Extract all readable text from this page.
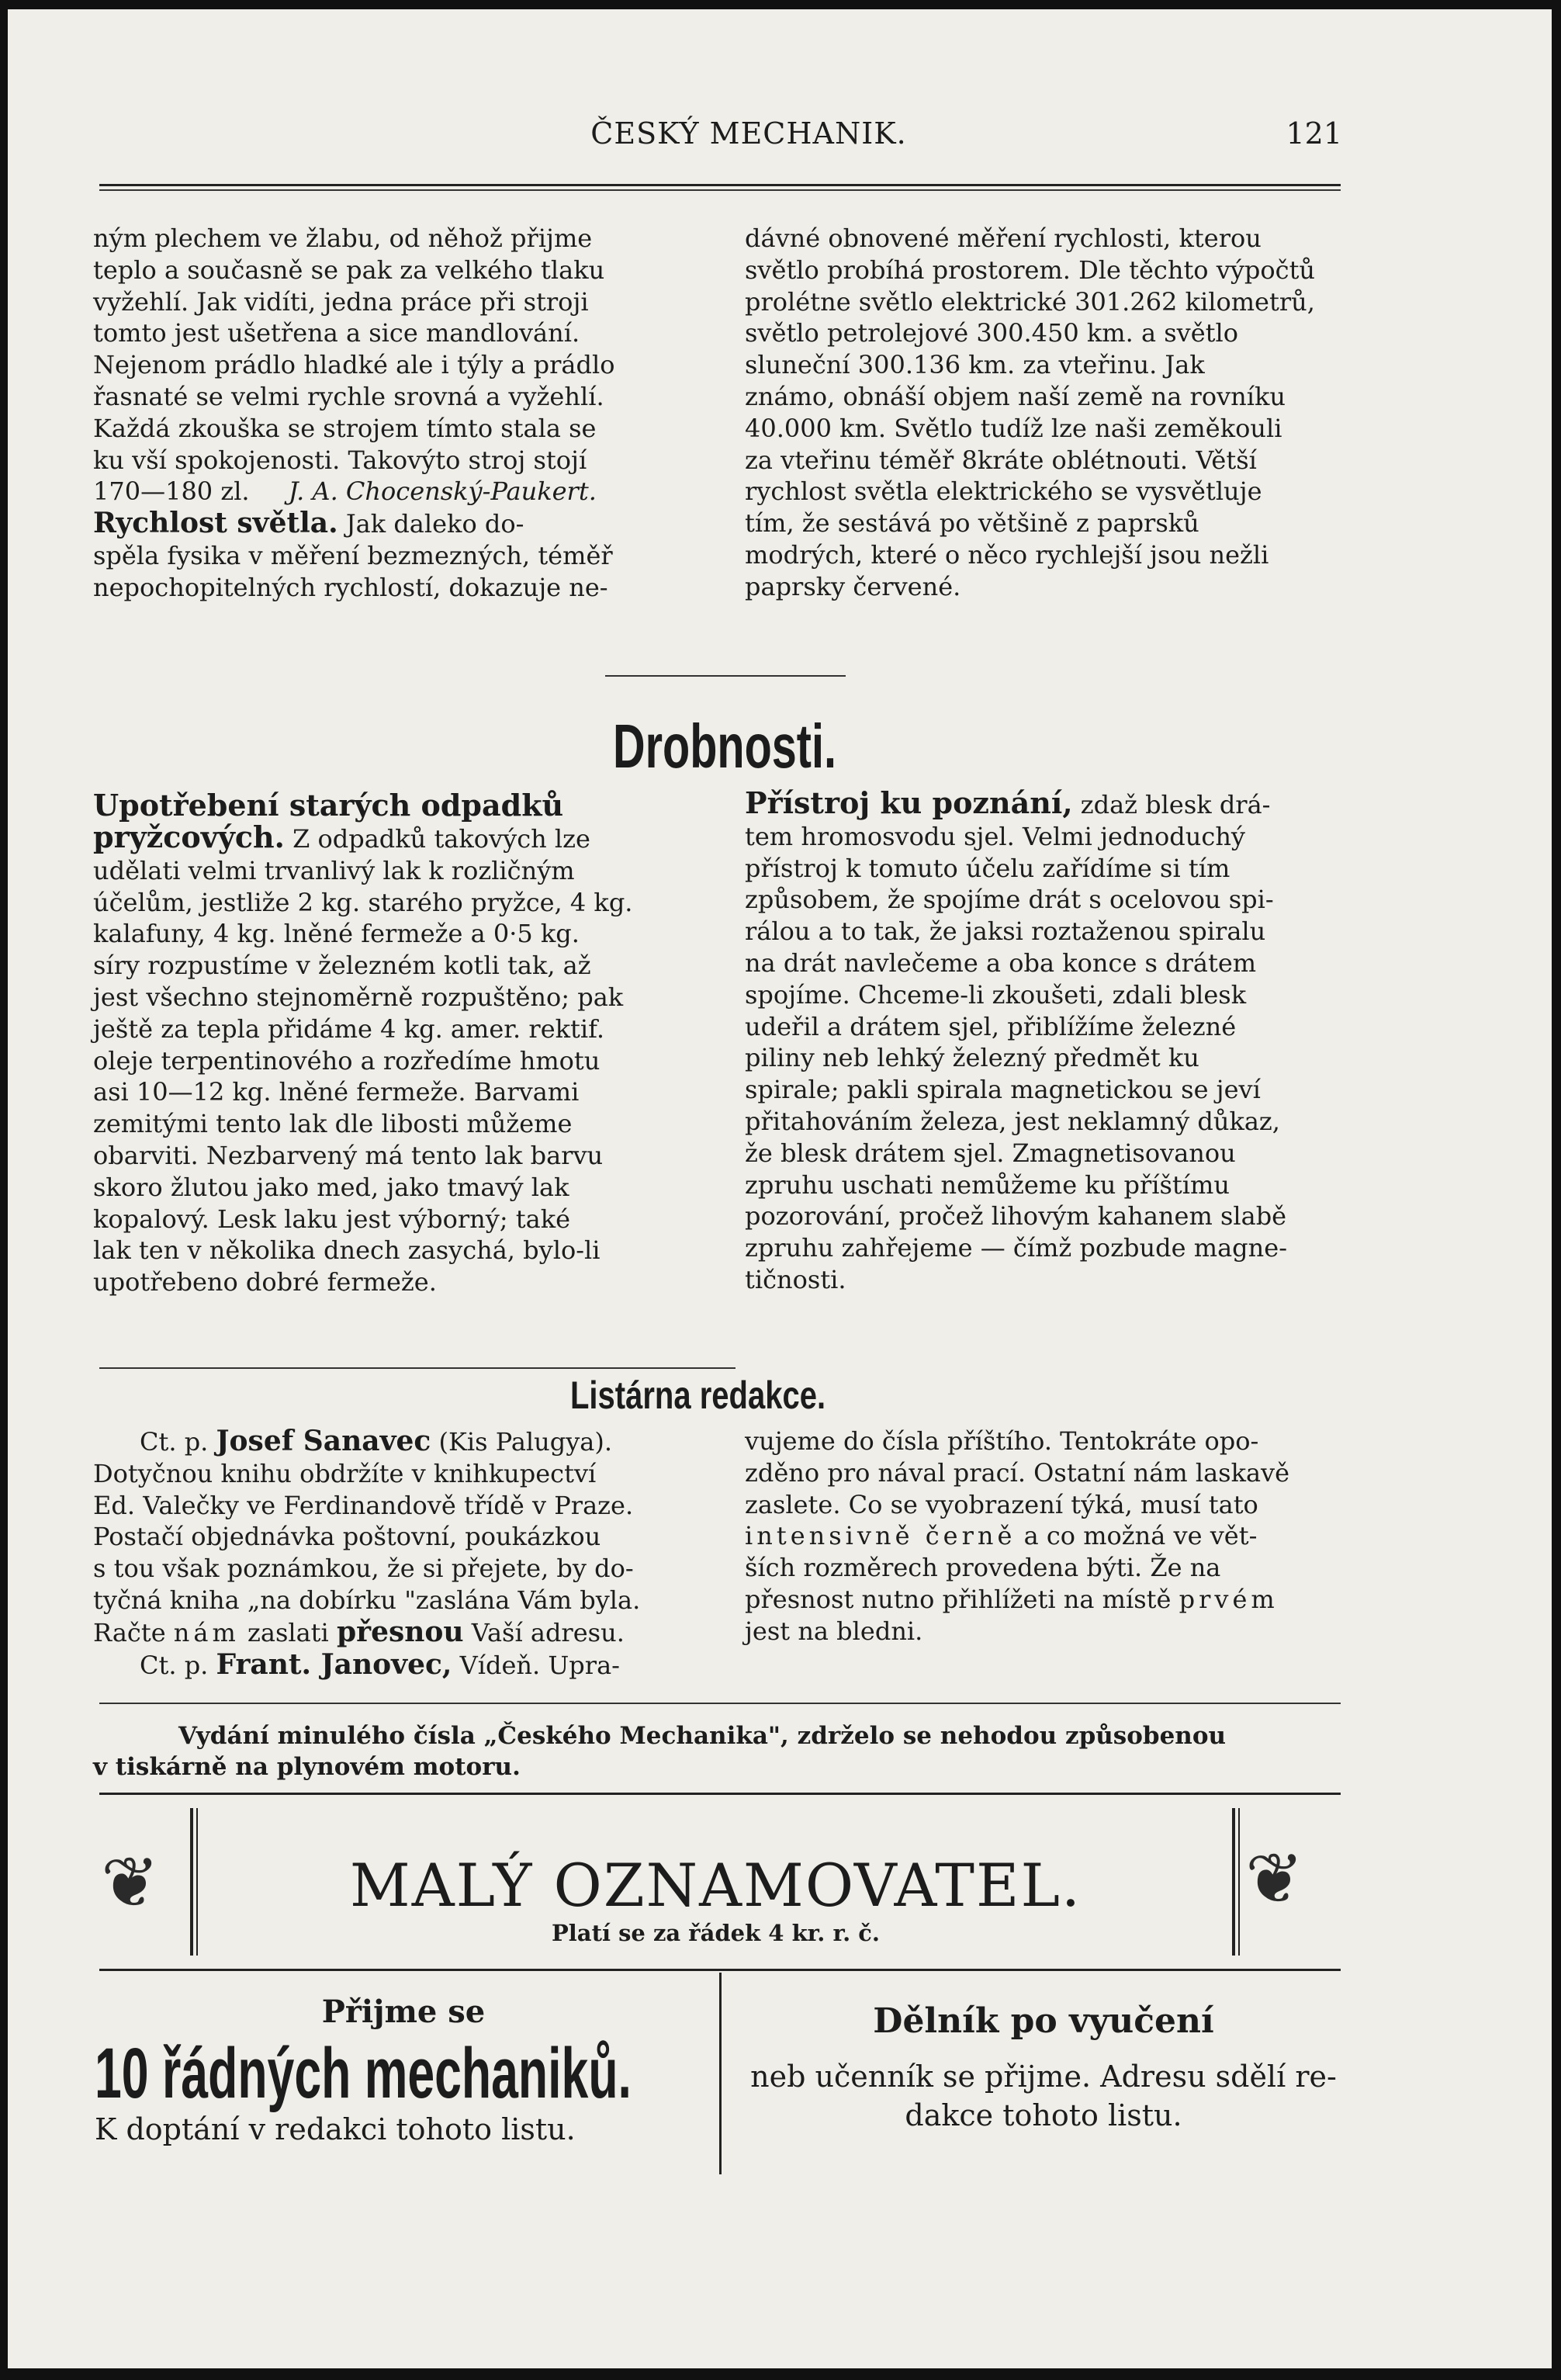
ČESKÝ MECHANIK.	121

ným plechem ve žlabu, od něhož přijme

teplo a současně se pak za velkého tlaku

vyžehlí. Jak vidíti, jedna práce při stroji

tomto jest ušetřena a sice mandlování.

Nejenom prádlo hladké ale i týly a prádlo

řasnaté se velmi rychle srovná a vyžehlí.

Každá zkouška se strojem tímto stala se

ku vší spokojenosti. Takovýto stroj stojí

170—180 zl. J. A. Chocenský-Paukert.

Rychlost světla. Jak daleko do-

spěla fysika v měření bezmezných, téměř

nepochopitelných rychlostí, dokazuje ne-

dávné obnovené měření rychlosti, kterou

světlo probíhá prostorem. Dle těchto výpočtů

prolétne světlo elektrické 301.262 kilometrů,

světlo petrolejové 300.450 km. a světlo

sluneční 300.136 km. za vteřinu. Jak

známo, obnáší objem naší země na rovníku

40.000 km. Světlo tudíž lze naši zeměkouli

za vteřinu téměř 8kráte oblétnouti. Větší

rychlost světla elektrického se vysvětluje

tím, že sestává po většině z paprsků

modrých, které o něco rychlejší jsou nežli

paprsky červené.

Drobnosti.

Upotřebení starých odpadků

pryžcových. Z odpadků takových lze

udělati velmi trvanlivý lak k rozličným

účelům, jestliže 2 kg. starého pryžce, 4 kg.

kalafuny, 4 kg. lněné fermeže a 0·5 kg.

síry rozpustíme v železném kotli tak, až

jest všechno stejnoměrně rozpuštěno; pak

ještě za tepla přidáme 4 kg. amer. rektif.

oleje terpentinového a rozředíme hmotu

asi 10—12 kg. lněné fermeže. Barvami

zemitými tento lak dle libosti můžeme

obarviti. Nezbarvený má tento lak barvu

skoro žlutou jako med, jako tmavý lak

kopalový. Lesk laku jest výborný; také

lak ten v několika dnech zasychá, bylo-li

upotřebeno dobré fermeže.

Přístroj ku poznání, zdaž blesk drá-

tem hromosvodu sjel. Velmi jednoduchý

přístroj k tomuto účelu zařídíme si tím

způsobem, že spojíme drát s ocelovou spi-

rálou a to tak, že jaksi roztaženou spiralu

na drát navlečeme a oba konce s drátem

spojíme. Chceme-li zkoušeti, zdali blesk

udeřil a drátem sjel, přiblížíme železné

piliny neb lehký železný předmět ku

spirale; pakli spirala magnetickou se jeví

přitahováním železa, jest neklamný důkaz,

že blesk drátem sjel. Zmagnetisovanou

zpruhu uschati nemůžeme ku příštímu

pozorování, pročež lihovým kahanem slabě

zpruhu zahřejeme — čímž pozbude magne-

tičnosti.

Listárna redakce.

Ct. p. Josef Sanavec (Kis Palugya).

Dotyčnou knihu obdržíte v knihkupectví

Ed. Valečky ve Ferdinandově třídě v Praze.

Postačí objednávka poštovní, poukázkou

s tou však poznámkou, že si přejete, by do-

tyčná kniha „na dobírku "zaslána Vám byla.

Račte nám zaslati přesnou Vaší adresu.

Ct. p. Frant. Janovec, Vídeň. Upra-

vujeme do čísla příštího. Tentokráte opo-

zděno pro nával prací. Ostatní nám laskavě

zaslete. Co se vyobrazení týká, musí tato

intensivně černě a co možná ve vět-

ších rozměrech provedena býti. Že na

přesnost nutno přihlížeti na místě prvém

jest na bledni.

Vydání minulého čísla „Českého Mechanika", zdrželo se nehodou způsobenou

v tiskárně na plynovém motoru.

❦	❦
MALÝ OZNAMOVATEL.
Platí se za řádek 4 kr. r. č.
Přijme se
10 řádných mechaniků.
K doptání v redakci tohoto listu.
Dělník po vyučení
neb učenník se přijme. Adresu sdělí re-
dakce tohoto listu.
